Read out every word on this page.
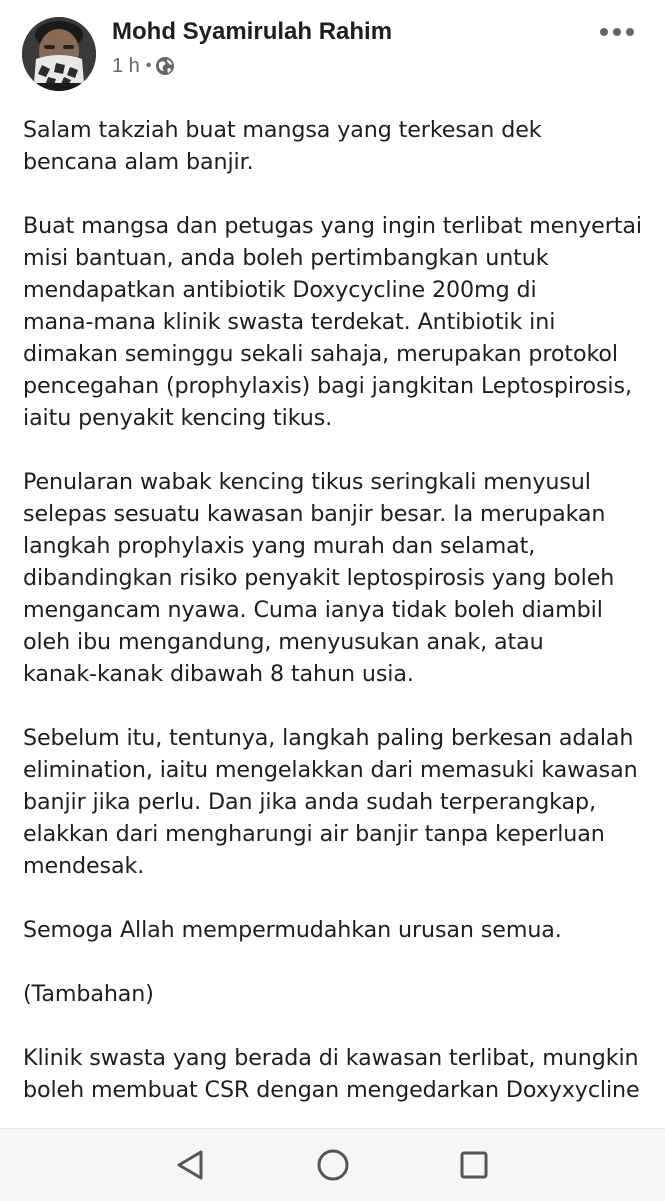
Mohd Syamirulah Rahim
1 h •

Salam takziah buat mangsa yang terkesan dek
bencana alam banjir.

Buat mangsa dan petugas yang ingin terlibat menyertai
misi bantuan, anda boleh pertimbangkan untuk
mendapatkan antibiotik Doxycycline 200mg di
mana-mana klinik swasta terdekat. Antibiotik ini
dimakan seminggu sekali sahaja, merupakan protokol
pencegahan (prophylaxis) bagi jangkitan Leptospirosis,
iaitu penyakit kencing tikus.

Penularan wabak kencing tikus seringkali menyusul
selepas sesuatu kawasan banjir besar. Ia merupakan
langkah prophylaxis yang murah dan selamat,
dibandingkan risiko penyakit leptospirosis yang boleh
mengancam nyawa. Cuma ianya tidak boleh diambil
oleh ibu mengandung, menyusukan anak, atau
kanak-kanak dibawah 8 tahun usia.

Sebelum itu, tentunya, langkah paling berkesan adalah
elimination, iaitu mengelakkan dari memasuki kawasan
banjir jika perlu. Dan jika anda sudah terperangkap,
elakkan dari mengharungi air banjir tanpa keperluan
mendesak.

Semoga Allah mempermudahkan urusan semua.

(Tambahan)

Klinik swasta yang berada di kawasan terlibat, mungkin
boleh membuat CSR dengan mengedarkan Doxyxycline
